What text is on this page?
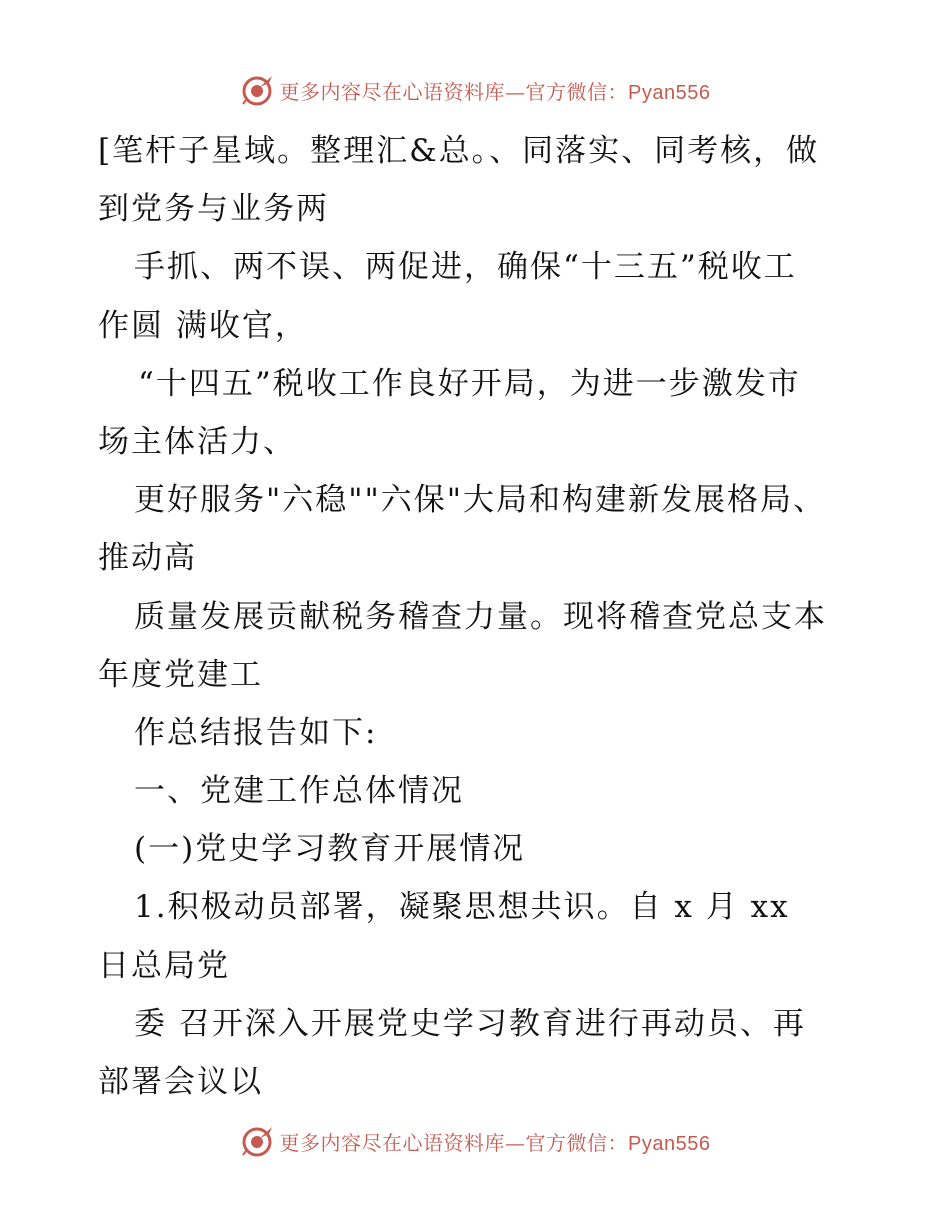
更多内容尽在心语资料库—官方微信：Pyan556
[笔杆子星域。整理汇&总。、同落实、同考核，做
到党务与业务两
手抓、两不误、两促进，确保“十三五”税收工
作圆 满收官，
“十四五”税收工作良好开局，为进一步激发市
场主体活力、
更好服务"六稳""六保"大局和构建新发展格局、
推动高
质量发展贡献税务稽查力量。现将稽查党总支本
年度党建工
作总结报告如下:
一、党建工作总体情况
(一)党史学习教育开展情况
1.积极动员部署，凝聚思想共识。自 x 月 xx
日总局党
委 召开深入开展党史学习教育进行再动员、再
部署会议以
更多内容尽在心语资料库—官方微信：Pyan556
